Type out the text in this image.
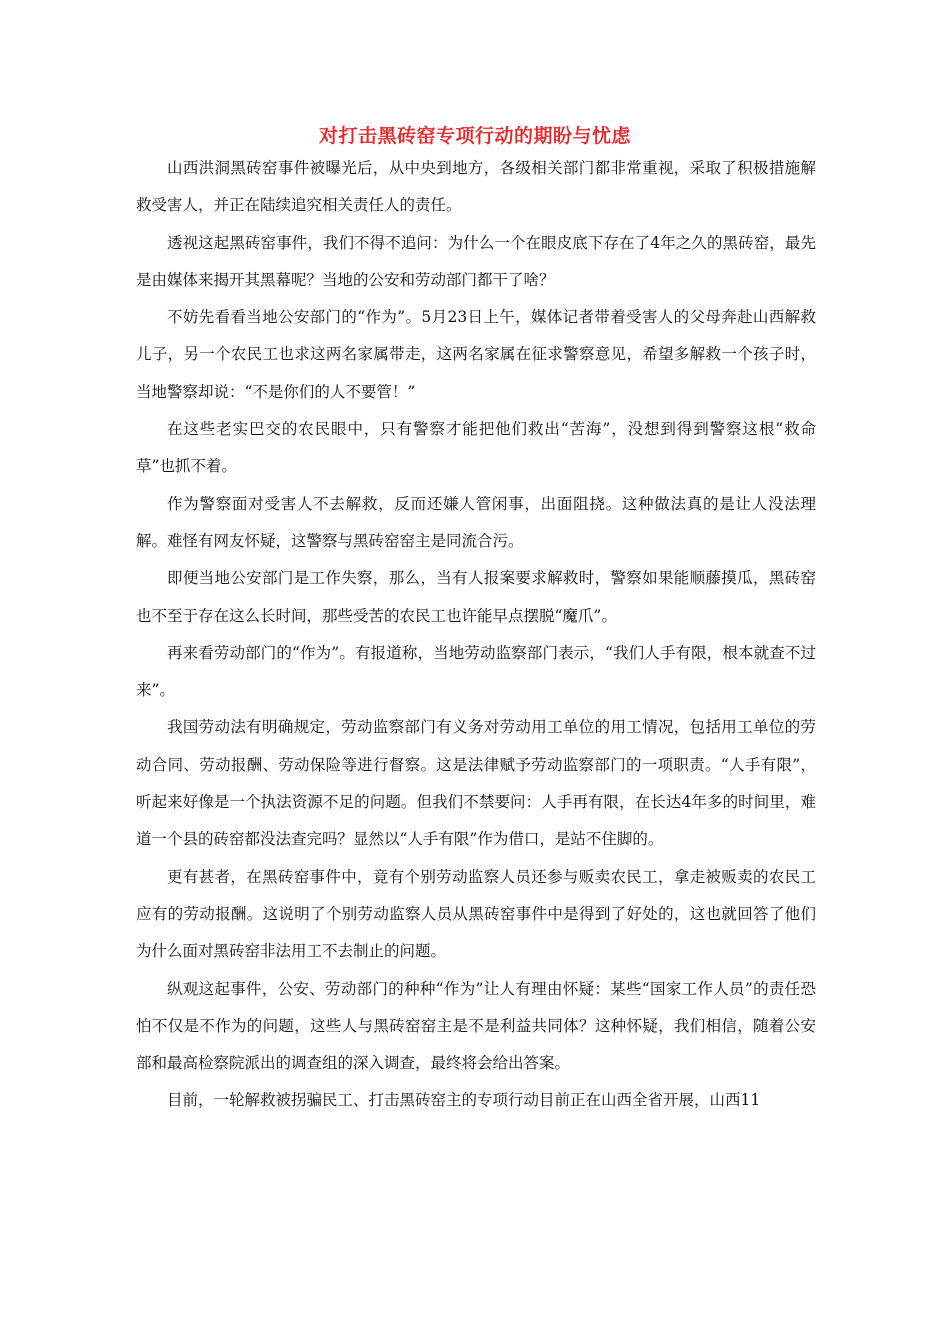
对打击黑砖窑专项行动的期盼与忧虑

山西洪洞黑砖窑事件被曝光后，从中央到地方，各级相关部门都非常重视，采取了积极措施解救受害人，并正在陆续追究相关责任人的责任。

透视这起黑砖窑事件，我们不得不追问：为什么一个在眼皮底下存在了4年之久的黑砖窑，最先是由媒体来揭开其黑幕呢？当地的公安和劳动部门都干了啥？

不妨先看看当地公安部门的“作为”。5月23日上午，媒体记者带着受害人的父母奔赴山西解救儿子，另一个农民工也求这两名家属带走，这两名家属在征求警察意见，希望多解救一个孩子时，当地警察却说：“不是你们的人不要管！”

在这些老实巴交的农民眼中，只有警察才能把他们救出“苦海”，没想到得到警察这根“救命草”也抓不着。

作为警察面对受害人不去解救，反而还嫌人管闲事，出面阻挠。这种做法真的是让人没法理解。难怪有网友怀疑，这警察与黑砖窑窑主是同流合污。

即便当地公安部门是工作失察，那么，当有人报案要求解救时，警察如果能顺藤摸瓜，黑砖窑也不至于存在这么长时间，那些受苦的农民工也许能早点摆脱“魔爪”。

再来看劳动部门的“作为”。有报道称，当地劳动监察部门表示，“我们人手有限，根本就查不过来”。

我国劳动法有明确规定，劳动监察部门有义务对劳动用工单位的用工情况，包括用工单位的劳动合同、劳动报酬、劳动保险等进行督察。这是法律赋予劳动监察部门的一项职责。“人手有限”，听起来好像是一个执法资源不足的问题。但我们不禁要问：人手再有限，在长达4年多的时间里，难道一个县的砖窑都没法查完吗？显然以“人手有限”作为借口，是站不住脚的。

更有甚者，在黑砖窑事件中，竟有个别劳动监察人员还参与贩卖农民工，拿走被贩卖的农民工应有的劳动报酬。这说明了个别劳动监察人员从黑砖窑事件中是得到了好处的，这也就回答了他们为什么面对黑砖窑非法用工不去制止的问题。

纵观这起事件，公安、劳动部门的种种“作为”让人有理由怀疑：某些“国家工作人员”的责任恐怕不仅是不作为的问题，这些人与黑砖窑窑主是不是利益共同体？这种怀疑，我们相信，随着公安部和最高检察院派出的调查组的深入调查，最终将会给出答案。

目前，一轮解救被拐骗民工、打击黑砖窑主的专项行动目前正在山西全省开展，山西11
